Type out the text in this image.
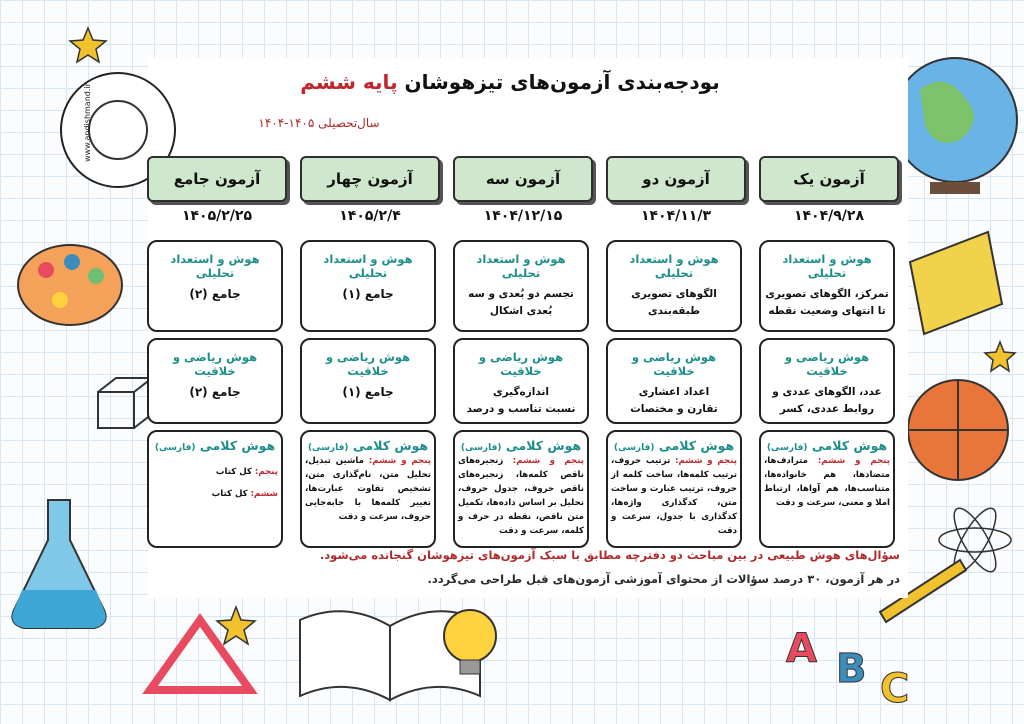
A B C
www.andishmand.ir
بودجه‌بندی آزمون‌های تیزهوشان پایه ششم
سال‌تحصیلی ۱۴۰۵-۱۴۰۴
آزمون یک
۱۴۰۴/۹/۲۸
هوش و استعداد تحلیلی
تمرکز، الگوهای تصویری تا انتهای وضعیت نقطه
هوش ریاضی و خلاقیت
عدد، الگوهای عددی و روابط عددی، کسر
هوش کلامی (فارسی)
پنجم و ششم: مترادف‌ها، متضادها، هم خانواده‌ها، متناسب‌ها، هم آواها، ارتباط املا و معنی، سرعت و دقت
آزمون دو
۱۴۰۴/۱۱/۳
هوش و استعداد تحلیلی
الگوهای تصویری
طبقه‌بندی
هوش ریاضی و خلاقیت
اعداد اعشاری
تقارن و مختصات
هوش کلامی (فارسی)
پنجم و ششم: ترتیب حروف، ترتیب کلمه‌ها، ساخت کلمه از حروف، ترتیب عبارت و ساخت متن، کدگذاری واژه‌ها، کدگذاری با جدول، سرعت و دقت
آزمون سه
۱۴۰۴/۱۲/۱۵
هوش و استعداد تحلیلی
تجسم دو بُعدی و سه بُعدی اشکال
هوش ریاضی و خلاقیت
اندازه‌گیری
نسبت تناسب و درصد
هوش کلامی (فارسی)
پنجم و ششم: زنجیره‌های ناقص کلمه‌ها، زنجیره‌های ناقص حروف، جدول حروف، تحلیل بر اساس داده‌ها، تکمیل متن ناقص، نقطه در حرف و کلمه، سرعت و دقت
آزمون چهار
۱۴۰۵/۲/۴
هوش و استعداد تحلیلی
جامع (۱)
هوش ریاضی و خلاقیت
جامع (۱)
هوش کلامی (فارسی)
پنجم و ششم: ماشین تبدیل، تحلیل متن، نام‌گذاری متن، تشخیص تفاوت عبارت‌ها، تغییر کلمه‌ها با جابه‌جایی حروف، سرعت و دقت
آزمون جامع
۱۴۰۵/۲/۲۵
هوش و استعداد تحلیلی
جامع (۲)
هوش ریاضی و خلاقیت
جامع (۲)
هوش کلامی (فارسی)
پنجم: کل کتاب
ششم: کل کتاب
سؤال‌های هوش طبیعی در بین مباحث دو دفترچه مطابق با سبک آزمون‌های تیزهوشان گنجانده می‌شود.
در هر آزمون، ۳۰ درصد سؤالات از محتوای آموزشی آزمون‌های قبل طراحی می‌گردد.
